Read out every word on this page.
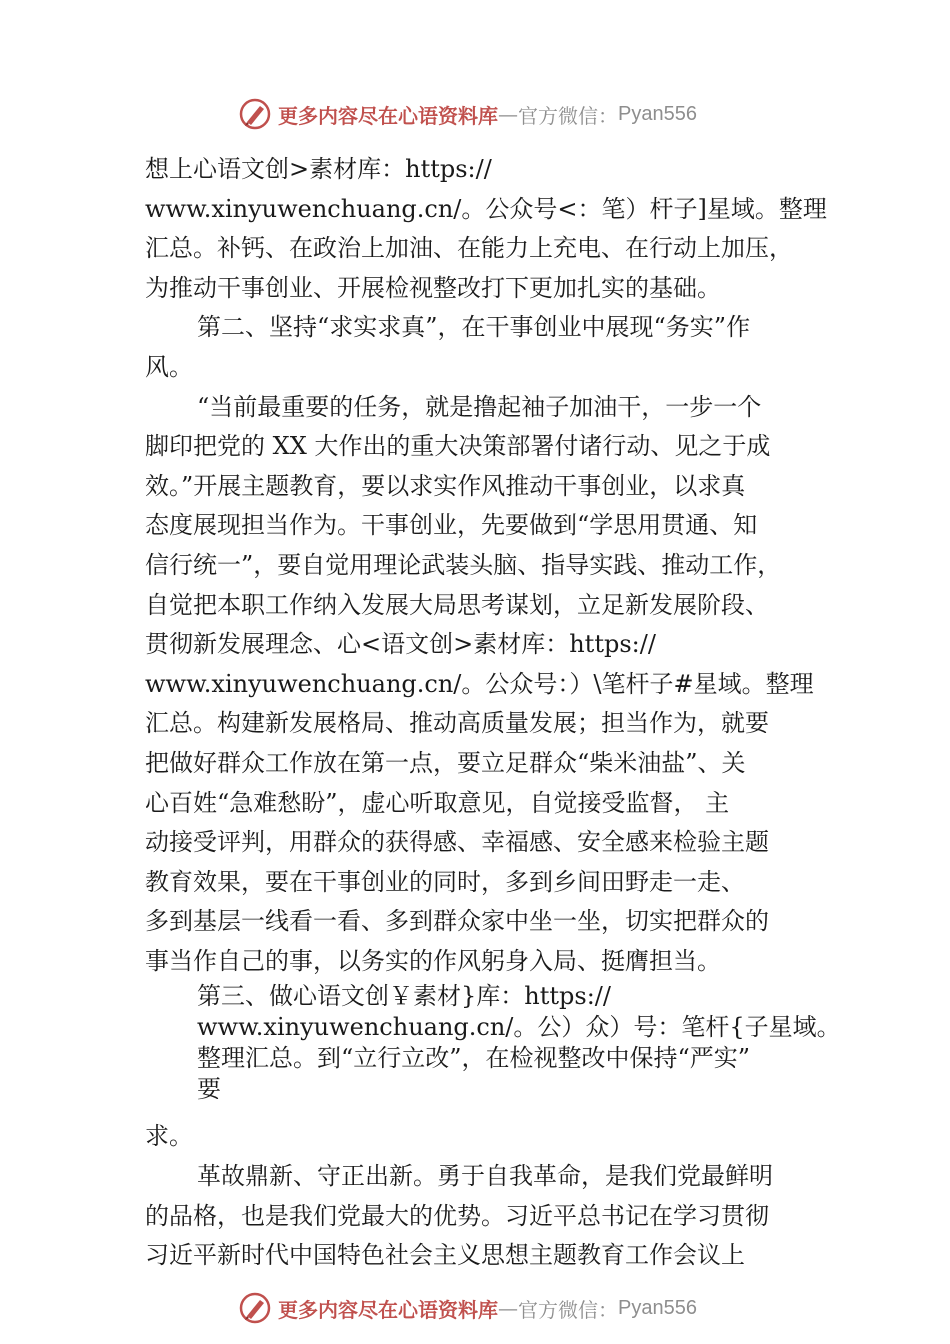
更多内容尽在心语资料库 — 官方微信： Pyan556
想上心语文创>素材库：https://
www.xinyuwenchuang.cn/。公众号<：笔）杆子]星域。整理
汇总。补钙、在政治上加油、在能力上充电、在行动上加压，
为推动干事创业、开展检视整改打下更加扎实的基础。
第二、坚持“求实求真”，在干事创业中展现“务实”作
风。
“当前最重要的任务，就是撸起袖子加油干，一步一个
脚印把党的 XX 大作出的重大决策部署付诸行动、见之于成
效。”开展主题教育，要以求实作风推动干事创业，以求真
态度展现担当作为。干事创业，先要做到“学思用贯通、知
信行统一”，要自觉用理论武装头脑、指导实践、推动工作，
自觉把本职工作纳入发展大局思考谋划，立足新发展阶段、
贯彻新发展理念、心<语文创>素材库：https://
www.xinyuwenchuang.cn/。公众号：）\笔杆子#星域。整理
汇总。构建新发展格局、推动高质量发展；担当作为，就要
把做好群众工作放在第一点，要立足群众“柴米油盐”、关
心百姓“急难愁盼”，虚心听取意见，自觉接受监督， 主
动接受评判，用群众的获得感、幸福感、安全感来检验主题
教育效果，要在干事创业的同时，多到乡间田野走一走、
多到基层一线看一看、多到群众家中坐一坐，切实把群众的
事当作自己的事，以务实的作风躬身入局、挺膺担当。
第三、做心语文创￥素材}库：https://
www.xinyuwenchuang.cn/。公）众）号：笔杆{子星域。
整理汇总。到“立行立改”，在检视整改中保持“严实”
要
求。
革故鼎新、守正出新。勇于自我革命，是我们党最鲜明
的品格，也是我们党最大的优势。习近平总书记在学习贯彻
习近平新时代中国特色社会主义思想主题教育工作会议上
更多内容尽在心语资料库 — 官方微信： Pyan556
